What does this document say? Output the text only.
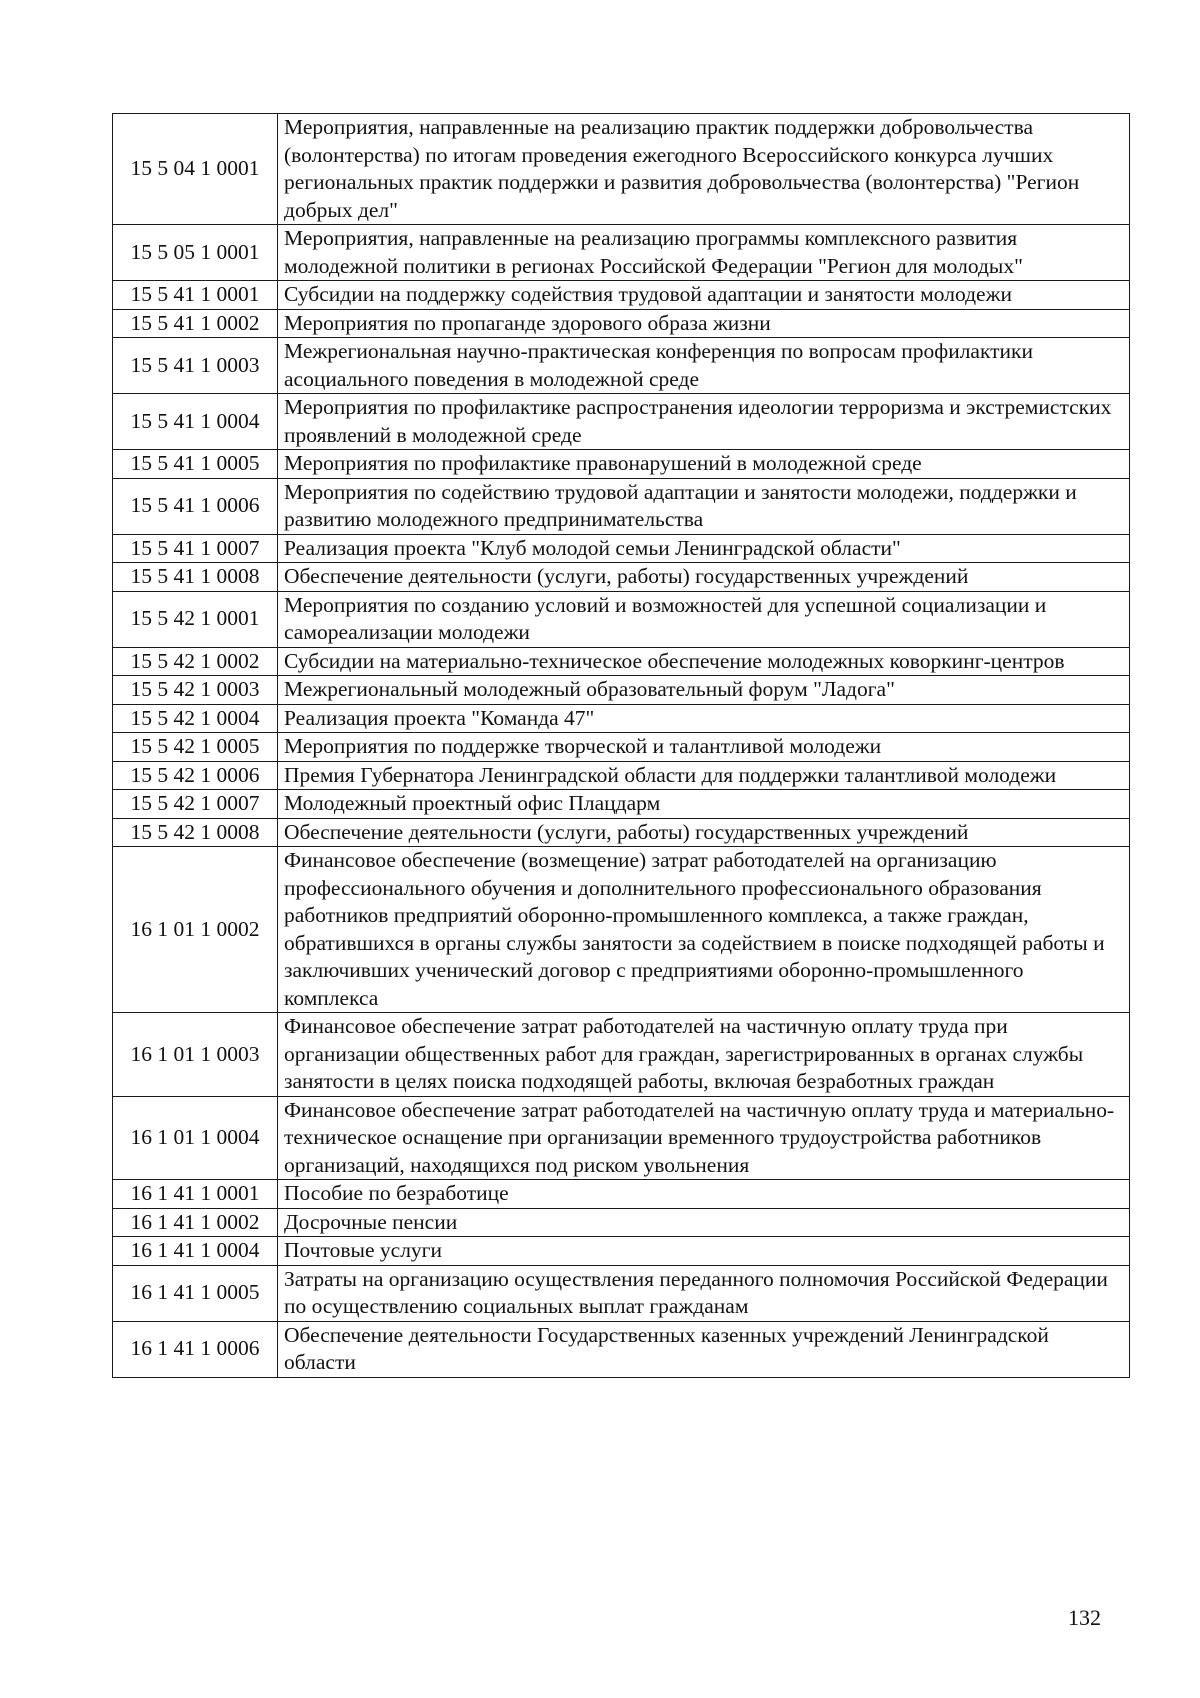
15 5 04 1 0001	Мероприятия, направленные на реализацию практик поддержки добровольчества (волонтерства) по итогам проведения ежегодного Всероссийского конкурса лучших региональных практик поддержки и развития добровольчества (волонтерства) "Регион добрых дел"
15 5 05 1 0001	Мероприятия, направленные на реализацию программы комплексного развития молодежной политики в регионах Российской Федерации "Регион для молодых"
15 5 41 1 0001	Субсидии на поддержку содействия трудовой адаптации и занятости молодежи
15 5 41 1 0002	Мероприятия по пропаганде здорового образа жизни
15 5 41 1 0003	Межрегиональная научно-практическая конференция по вопросам профилактики асоциального поведения в молодежной среде
15 5 41 1 0004	Мероприятия по профилактике распространения идеологии терроризма и экстремистских проявлений в молодежной среде
15 5 41 1 0005	Мероприятия по профилактике правонарушений в молодежной среде
15 5 41 1 0006	Мероприятия по содействию трудовой адаптации и занятости молодежи, поддержки и развитию молодежного предпринимательства
15 5 41 1 0007	Реализация проекта "Клуб молодой семьи Ленинградской области"
15 5 41 1 0008	Обеспечение деятельности (услуги, работы) государственных учреждений
15 5 42 1 0001	Мероприятия по созданию условий и возможностей для успешной социализации и самореализации молодежи
15 5 42 1 0002	Субсидии на материально-техническое обеспечение молодежных коворкинг-центров
15 5 42 1 0003	Межрегиональный молодежный образовательный форум "Ладога"
15 5 42 1 0004	Реализация проекта "Команда 47"
15 5 42 1 0005	Мероприятия по поддержке творческой и талантливой молодежи
15 5 42 1 0006	Премия Губернатора Ленинградской области для поддержки талантливой молодежи
15 5 42 1 0007	Молодежный проектный офис Плацдарм
15 5 42 1 0008	Обеспечение деятельности (услуги, работы) государственных учреждений
16 1 01 1 0002	Финансовое обеспечение (возмещение) затрат работодателей на организацию профессионального обучения и дополнительного профессионального образования работников предприятий оборонно-промышленного комплекса, а также граждан, обратившихся в органы службы занятости за содействием в поиске подходящей работы и заключивших ученический договор с предприятиями оборонно-промышленного комплекса
16 1 01 1 0003	Финансовое обеспечение затрат работодателей на частичную оплату труда при организации общественных работ для граждан, зарегистрированных в органах службы занятости в целях поиска подходящей работы, включая безработных граждан
16 1 01 1 0004	Финансовое обеспечение затрат работодателей на частичную оплату труда и материально-техническое оснащение при организации временного трудоустройства работников организаций, находящихся под риском увольнения
16 1 41 1 0001	Пособие по безработице
16 1 41 1 0002	Досрочные пенсии
16 1 41 1 0004	Почтовые услуги
16 1 41 1 0005	Затраты на организацию осуществления переданного полномочия Российской Федерации по осуществлению социальных выплат гражданам
16 1 41 1 0006	Обеспечение деятельности Государственных казенных учреждений Ленинградской области
132
